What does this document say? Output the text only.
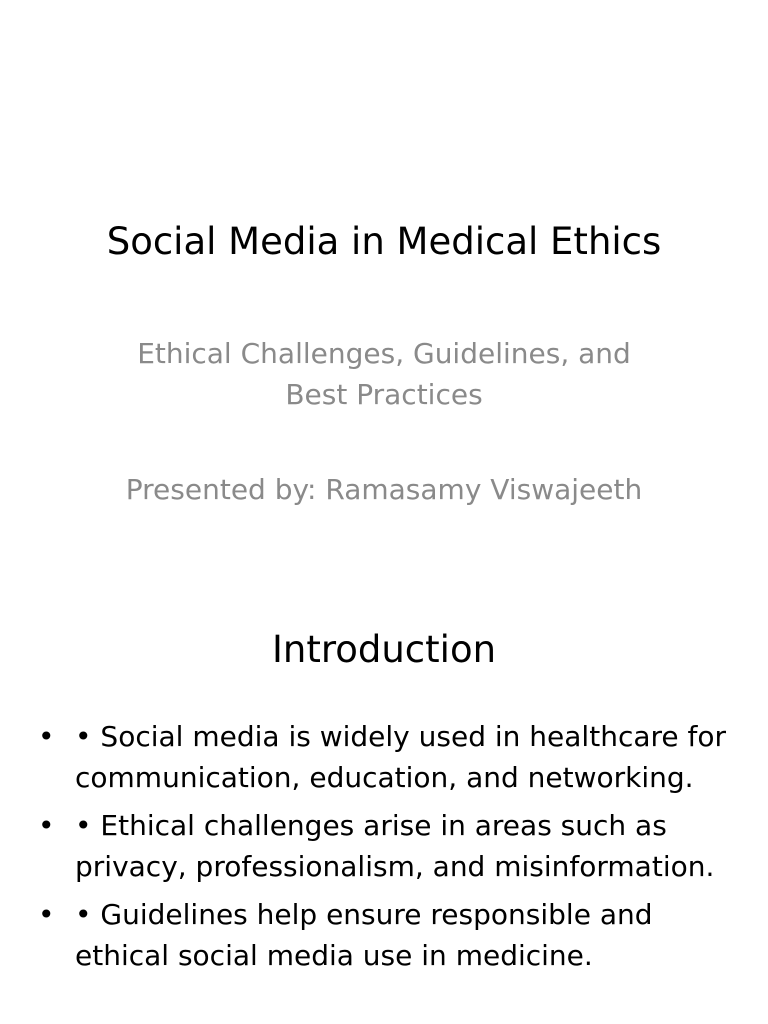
Social Media in Medical Ethics
Ethical Challenges, Guidelines, and
Best Practices
Presented by: Ramasamy Viswajeeth
Introduction
• • Social media is widely used in healthcare for
communication, education, and networking.
• • Ethical challenges arise in areas such as
privacy, professionalism, and misinformation.
• • Guidelines help ensure responsible and
ethical social media use in medicine.
